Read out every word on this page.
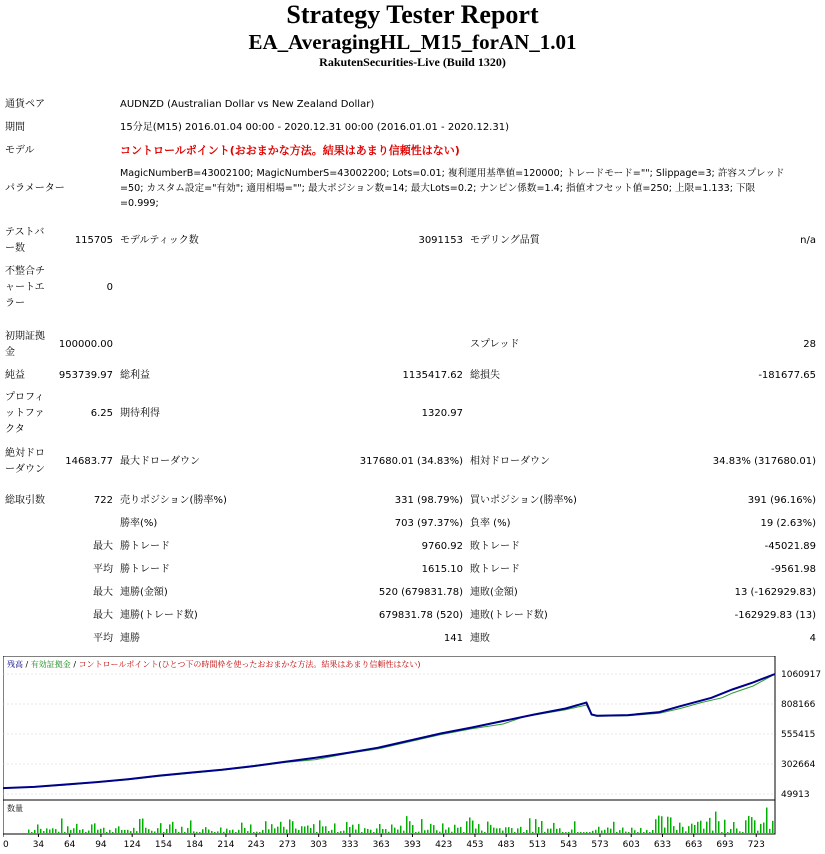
Strategy Tester Report
EA_AveragingHL_M15_forAN_1.01
RakutenSecurities-Live (Build 1320)
通貨ペア	AUDNZD (Australian Dollar vs New Zealand Dollar)
期間	15分足(M15) 2016.01.04 00:00 - 2020.12.31 00:00 (2016.01.01 - 2020.12.31)
モデル	コントロールポイント(おおまかな方法。結果はあまり信頼性はない)
パラメーター
MagicNumberB=43002100; MagicNumberS=43002200; Lots=0.01; 複利運用基準値=120000; トレードモード=""; Slippage=3; 許容スプレッド
=50; カスタム設定="有効"; 適用相場=""; 最大ポジション数=14; 最大Lots=0.2; ナンピン係数=1.4; 指値オフセット値=250; 上限=1.133; 下限
=0.999;
テストバ
ー数
115705 モデルティック数	3091153 モデリング品質	n/a
不整合チ
ャートエ
ラー
0
初期証拠
金
100000.00	スプレッド	28
純益	953739.97 総利益	1135417.62 総損失	-181677.65
プロフィ
ットファ
クタ
6.25 期待利得	1320.97
絶対ドロ
ーダウン
14683.77 最大ドローダウン	317680.01 (34.83%) 相対ドローダウン	34.83% (317680.01)
総取引数	722 売りポジション(勝率%)	331 (98.79%) 買いポジション(勝率%)	391 (96.16%)
勝率(%)	703 (97.37%) 負率 (%)	19 (2.63%)
最大 勝トレード	9760.92 敗トレード	-45021.89
平均 勝トレード	1615.10 敗トレード	-9561.98
最大 連勝(金額)	520 (679831.78) 連敗(金額)	13 (-162929.83)
最大 連勝(トレード数)	679831.78 (520) 連敗(トレード数)	-162929.83 (13)
平均 連勝	141 連敗	4
1060917
808166
555415
302664
49913
0	34 64 94 124 154 184 214 243 273 303 333 363 393 423 453 483 513 543 573 603 633 663 693 723
残高 / 有効証拠金 / コントロールポイント(ひとつ下の時間枠を使ったおおまかな方法。結果はあまり信頼性はない)
数量
